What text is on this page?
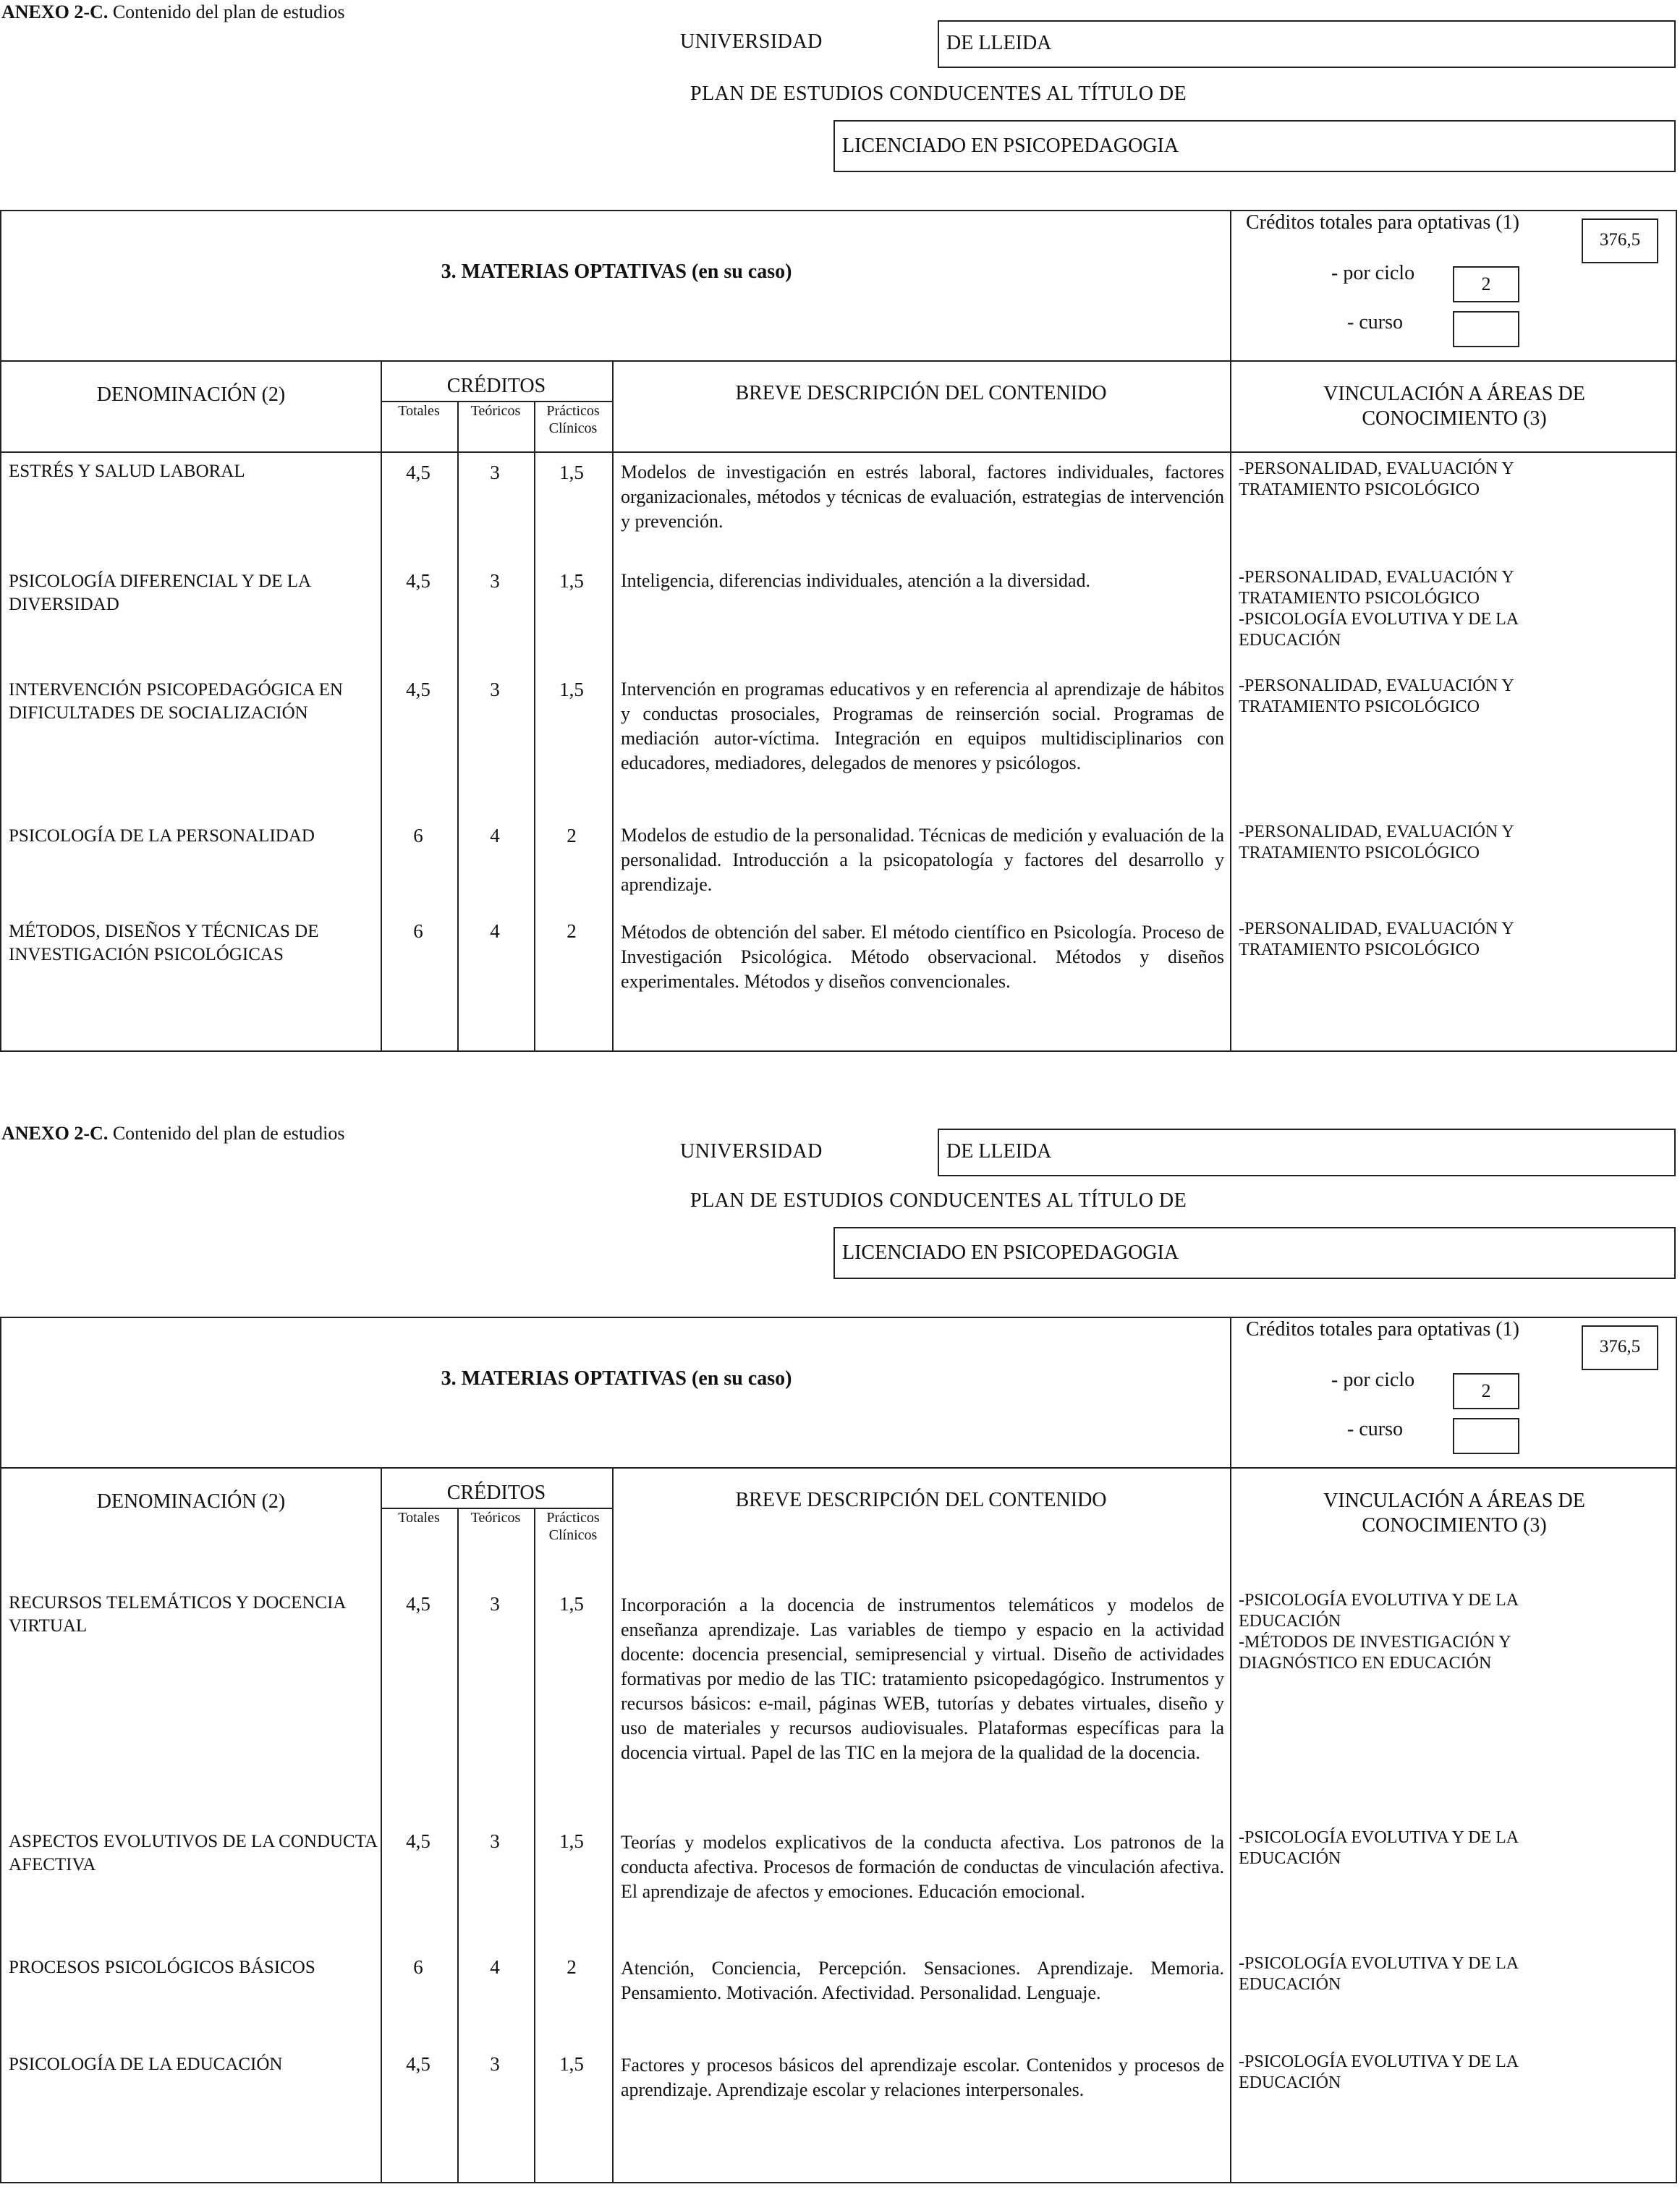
ANEXO 2-C. Contenido del plan de estudios
UNIVERSIDAD	DE LLEIDA
PLAN DE ESTUDIOS CONDUCENTES AL TÍTULO DE
LICENCIADO EN PSICOPEDAGOGIA
3. MATERIAS OPTATIVAS (en su caso)
Créditos totales para optativas (1)
376,5
- por ciclo	2
- curso
DENOMINACIÓN (2)	CRÉDITOS
Totales	Teóricos	Prácticos
Clínicos
BREVE DESCRIPCIÓN DEL CONTENIDO	VINCULACIÓN A ÁREAS DE
CONOCIMIENTO (3)
ESTRÉS Y SALUD LABORAL	4,5	3	1,5	Modelos de investigación en estrés laboral, factores individuales, factores organizacionales, métodos y técnicas de evaluación, estrategias de intervención y prevención.
-PERSONALIDAD, EVALUACIÓN Y
TRATAMIENTO PSICOLÓGICO
PSICOLOGÍA DIFERENCIAL Y DE LA DIVERSIDAD
4,5	3	1,5	Inteligencia, diferencias individuales, atención a la diversidad.	-PERSONALIDAD, EVALUACIÓN Y
TRATAMIENTO PSICOLÓGICO
-PSICOLOGÍA EVOLUTIVA Y DE LA
EDUCACIÓN
INTERVENCIÓN PSICOPEDAGÓGICA EN DIFICULTADES DE SOCIALIZACIÓN
4,5	3	1,5	Intervención en programas educativos y en referencia al aprendizaje de hábitos y conductas prosociales, Programas de reinserción social. Programas de mediación autor-víctima. Integración en equipos multidisciplinarios con educadores, mediadores, delegados de menores y psicólogos.
-PERSONALIDAD, EVALUACIÓN Y
TRATAMIENTO PSICOLÓGICO
PSICOLOGÍA DE LA PERSONALIDAD	6	4	2	Modelos de estudio de la personalidad. Técnicas de medición y evaluación de la personalidad. Introducción a la psicopatología y factores del desarrollo y aprendizaje.
-PERSONALIDAD, EVALUACIÓN Y
TRATAMIENTO PSICOLÓGICO
MÉTODOS, DISEÑOS Y TÉCNICAS DE INVESTIGACIÓN PSICOLÓGICAS
6	4	2	Métodos de obtención del saber. El método científico en Psicología. Proceso de Investigación Psicológica. Método observacional. Métodos y diseños experimentales. Métodos y diseños convencionales.
-PERSONALIDAD, EVALUACIÓN Y
TRATAMIENTO PSICOLÓGICO
ANEXO 2-C. Contenido del plan de estudios
UNIVERSIDAD	DE LLEIDA
PLAN DE ESTUDIOS CONDUCENTES AL TÍTULO DE
LICENCIADO EN PSICOPEDAGOGIA
3. MATERIAS OPTATIVAS (en su caso)
Créditos totales para optativas (1)
376,5
- por ciclo	2
- curso
DENOMINACIÓN (2)	CRÉDITOS
Totales	Teóricos	Prácticos
Clínicos
BREVE DESCRIPCIÓN DEL CONTENIDO	VINCULACIÓN A ÁREAS DE
CONOCIMIENTO (3)
RECURSOS TELEMÁTICOS Y DOCENCIA VIRTUAL
4,5	3	1,5	Incorporación a la docencia de instrumentos telemáticos y modelos de enseñanza aprendizaje. Las variables de tiempo y espacio en la actividad docente: docencia presencial, semipresencial y virtual. Diseño de actividades formativas por medio de las TIC: tratamiento psicopedagógico. Instrumentos y recursos básicos: e-mail, páginas WEB, tutorías y debates virtuales, diseño y uso de materiales y recursos audiovisuales. Plataformas específicas para la docencia virtual. Papel de las TIC en la mejora de la qualidad de la docencia.
-PSICOLOGÍA EVOLUTIVA Y DE LA
EDUCACIÓN
-MÉTODOS DE INVESTIGACIÓN Y
DIAGNÓSTICO EN EDUCACIÓN
ASPECTOS EVOLUTIVOS DE LA CONDUCTA AFECTIVA
4,5	3	1,5	Teorías y modelos explicativos de la conducta afectiva. Los patronos de la conducta afectiva. Procesos de formación de conductas de vinculación afectiva. El aprendizaje de afectos y emociones. Educación emocional.
-PSICOLOGÍA EVOLUTIVA Y DE LA
EDUCACIÓN
PROCESOS PSICOLÓGICOS BÁSICOS	6	4	2	Atención, Conciencia, Percepción. Sensaciones. Aprendizaje. Memoria. Pensamiento. Motivación. Afectividad. Personalidad. Lenguaje.
-PSICOLOGÍA EVOLUTIVA Y DE LA
EDUCACIÓN
PSICOLOGÍA DE LA EDUCACIÓN	4,5	3	1,5	Factores y procesos básicos del aprendizaje escolar. Contenidos y procesos de aprendizaje. Aprendizaje escolar y relaciones interpersonales.
-PSICOLOGÍA EVOLUTIVA Y DE LA
EDUCACIÓN
